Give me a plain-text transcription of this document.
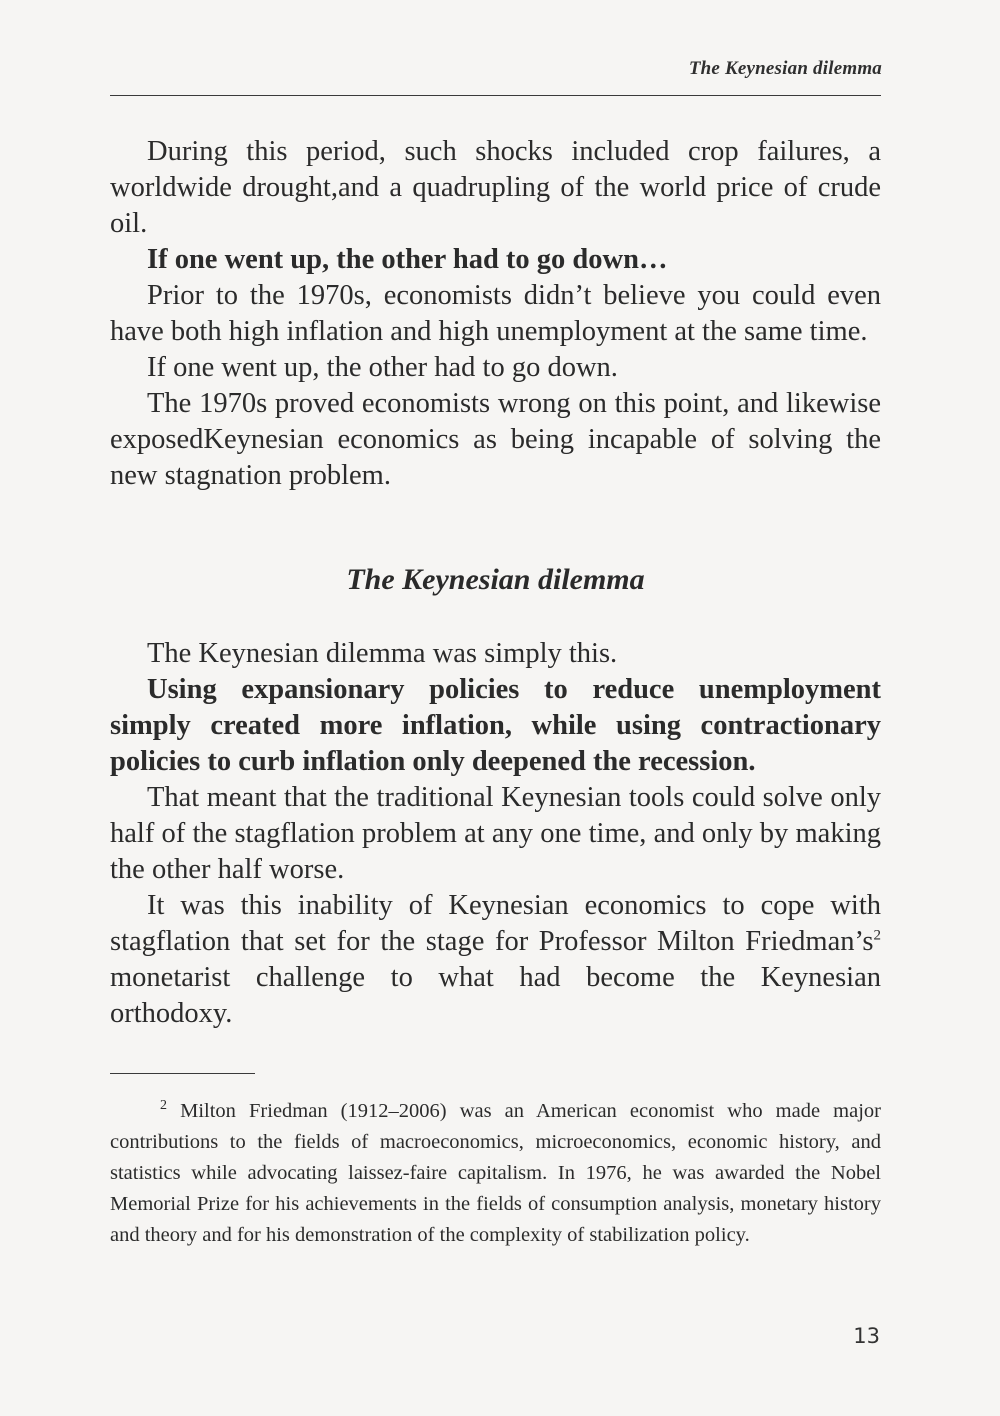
The Keynesian dilemma

During this period, such shocks included crop failures, a worldwide drought,and a quadrupling of the world price of crude oil.

If one went up, the other had to go down…

Prior to the 1970s, economists didn’t believe you could even have both high inflation and high unemployment at the same time.

If one went up, the other had to go down.

The 1970s proved economists wrong on this point, and likewise exposedKeynesian economics as being incapable of solving the new stagnation problem.

The Keynesian dilemma

The Keynesian dilemma was simply this.

Using expansionary policies to reduce unemployment simply created more inflation, while using contractionary policies to curb inflation only deepened the recession.

That meant that the traditional Keynesian tools could solve only half of the stagflation problem at any one time, and only by making the other half worse.

It was this inability of Keynesian economics to cope with stagflation that set for the stage for Professor Milton Friedman’s$^2$ monetarist challenge to what had become the Keynesian orthodoxy.

$^2$ Milton Friedman (1912–2006) was an American economist who made major contributions to the fields of macroeconomics, microeconomics, economic history, and statistics while advocating laissez-faire capitalism. In 1976, he was awarded the Nobel Memorial Prize for his achievements in the fields of consumption analysis, monetary history and theory and for his demonstration of the complexity of stabilization policy.
13
